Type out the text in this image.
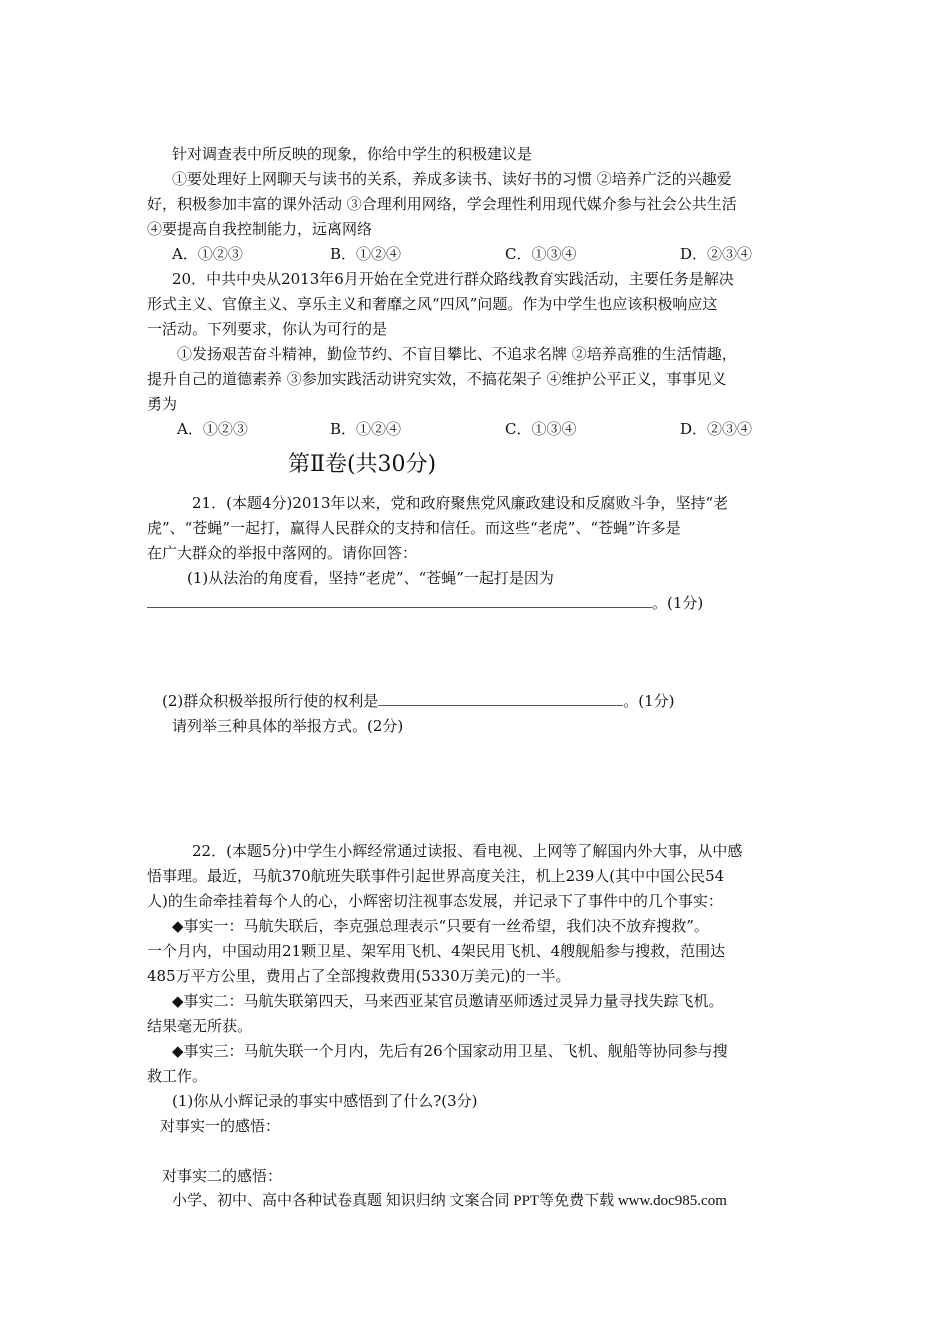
针对调查表中所反映的现象，你给中学生的积极建议是
①要处理好上网聊天与读书的关系，养成多读书、读好书的习惯 ②培养广泛的兴趣爱
好，积极参加丰富的课外活动 ③合理利用网络，学会理性利用现代媒介参与社会公共生活
④要提高自我控制能力，远离网络
A．①②③	B．①②④	C．①③④	D．②③④
20．中共中央从2013年6月开始在全党进行群众路线教育实践活动，主要任务是解决
形式主义、官僚主义、享乐主义和奢靡之风“四风”问题。作为中学生也应该积极响应这
一活动。下列要求，你认为可行的是
①发扬艰苦奋斗精神，勤俭节约、不盲目攀比、不追求名牌 ②培养高雅的生活情趣，
提升自己的道德素养 ③参加实践活动讲究实效，不搞花架子 ④维护公平正义，事事见义
勇为
A．①②③	B．①②④	C．①③④	D．②③④
第Ⅱ卷(共30分)
21．(本题4分)2013年以来，党和政府聚焦党风廉政建设和反腐败斗争，坚持“老
虎”、“苍蝇”一起打，赢得人民群众的支持和信任。而这些“老虎”、“苍蝇”许多是
在广大群众的举报中落网的。请你回答：
(1)从法治的角度看，坚持“老虎”、“苍蝇”一起打是因为
。(1分)
(2)群众积极举报所行使的权利是	。(1分)
请列举三种具体的举报方式。(2分)
22．(本题5分)中学生小辉经常通过读报、看电视、上网等了解国内外大事，从中感
悟事理。最近，马航370航班失联事件引起世界高度关注，机上239人(其中中国公民54
人)的生命牵挂着每个人的心，小辉密切注视事态发展，并记录下了事件中的几个事实：
◆事实一：马航失联后，李克强总理表示“只要有一丝希望，我们决不放弃搜救”。
一个月内，中国动用21颗卫星、架军用飞机、4架民用飞机、4艘舰船参与搜救，范围达
485万平方公里，费用占了全部搜救费用(5330万美元)的一半。
◆事实二：马航失联第四天，马来西亚某官员邀请巫师透过灵异力量寻找失踪飞机。
结果毫无所获。
◆事实三：马航失联一个月内，先后有26个国家动用卫星、飞机、舰船等协同参与搜
救工作。
(1)你从小辉记录的事实中感悟到了什么?(3分)
对事实一的感悟：
对事实二的感悟：
小学、初中、高中各种试卷真题 知识归纳 文案合同 PPT等免费下载 www.doc985.com
